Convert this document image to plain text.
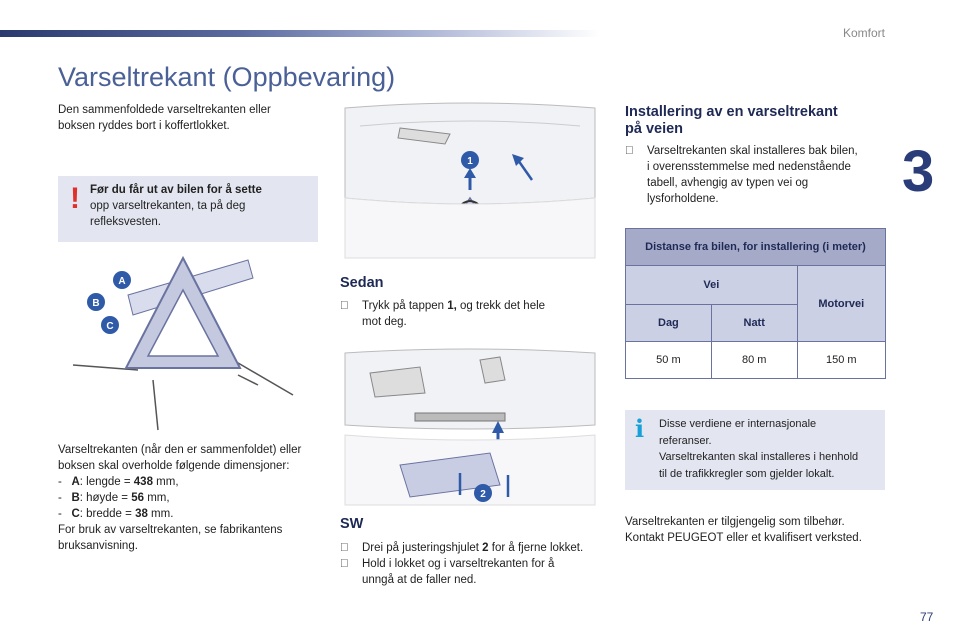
Komfort
3
77
Varseltrekant (Oppbevaring)
Den sammenfoldede varseltrekanten eller
boksen ryddes bort i koffertlokket.
! Før du får ut av bilen for å sette
opp varseltrekanten, ta på deg
refleksvesten.
A
B
C
Varseltrekanten (når den er sammenfoldet) eller
boksen skal overholde følgende dimensjoner:
- A: lengde = 438 mm,
- B: høyde = 56 mm,
- C: bredde = 38 mm.
For bruk av varseltrekanten, se fabrikantens
bruksanvisning.
1
Sedan
Trykk på tappen 1, og trekk det hele
mot deg.
2
SW
Drei på justeringshjulet 2 for å fjerne lokket.
Hold i lokket og i varseltrekanten for å
unngå at de faller ned.
Installering av en varseltrekant
på veien
Varseltrekanten skal installeres bak bilen,
i overensstemmelse med nedenstående
tabell, avhengig av typen vei og
lysforholdene.
Distanse fra bilen, for installering (i meter)		
Vei		Motorvei
Dag	Natt	
50 m	80 m	150 m
i Disse verdiene er internasjonale
referanser.
Varseltrekanten skal installeres i henhold
til de trafikkregler som gjelder lokalt.
Varseltrekanten er tilgjengelig som tilbehør.
Kontakt PEUGEOT eller et kvalifisert verksted.
